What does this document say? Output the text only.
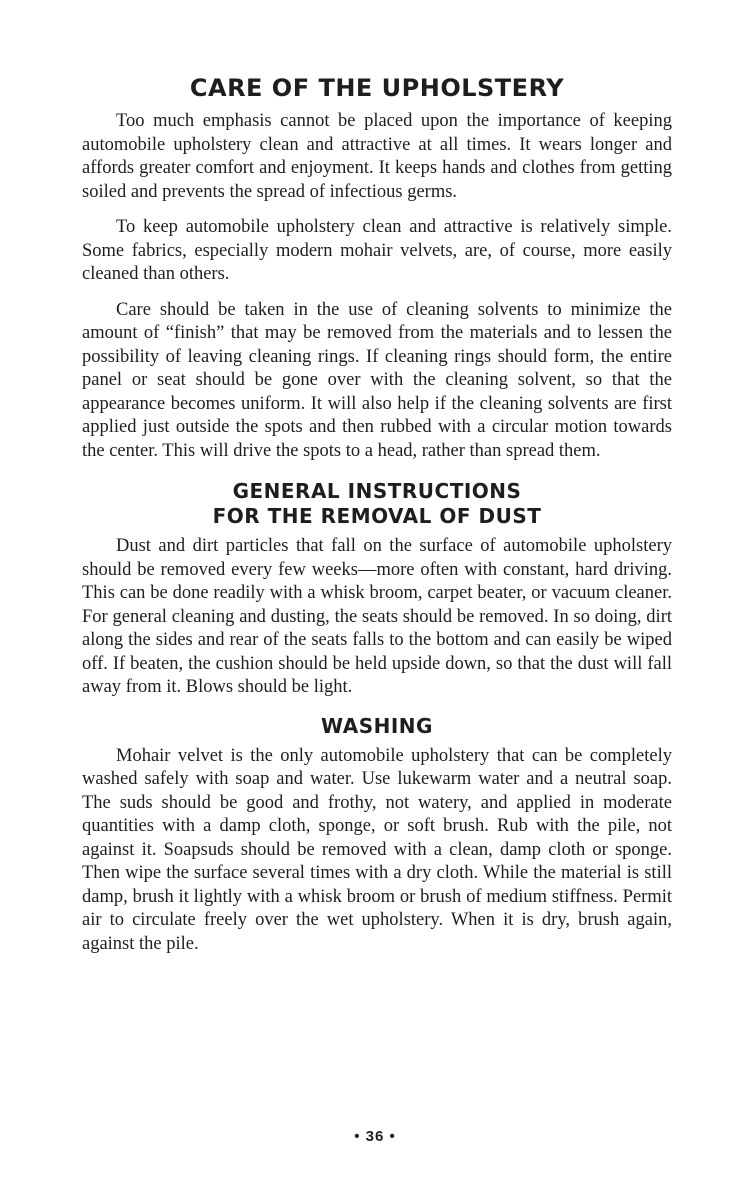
CARE OF THE UPHOLSTERY

Too much emphasis cannot be placed upon the importance of keeping automobile upholstery clean and attractive at all times. It wears longer and affords greater comfort and enjoyment. It keeps hands and clothes from getting soiled and prevents the spread of infectious germs.

To keep automobile upholstery clean and attractive is relatively simple. Some fabrics, especially modern mohair velvets, are, of course, more easily cleaned than others.

Care should be taken in the use of cleaning solvents to minimize the amount of “finish” that may be removed from the materials and to lessen the possibility of leaving cleaning rings. If cleaning rings should form, the entire panel or seat should be gone over with the cleaning solvent, so that the appearance becomes uniform. It will also help if the cleaning solvents are first applied just outside the spots and then rubbed with a circular motion towards the center. This will drive the spots to a head, rather than spread them.

GENERAL INSTRUCTIONS
FOR THE REMOVAL OF DUST

Dust and dirt particles that fall on the surface of automobile upholstery should be removed every few weeks—more often with constant, hard driving. This can be done readily with a whisk broom, carpet beater, or vacuum cleaner. For general cleaning and dusting, the seats should be removed. In so doing, dirt along the sides and rear of the seats falls to the bottom and can easily be wiped off. If beaten, the cushion should be held upside down, so that the dust will fall away from it. Blows should be light.

WASHING

Mohair velvet is the only automobile upholstery that can be completely washed safely with soap and water. Use lukewarm water and a neutral soap. The suds should be good and frothy, not watery, and applied in moderate quantities with a damp cloth, sponge, or soft brush. Rub with the pile, not against it. Soapsuds should be removed with a clean, damp cloth or sponge. Then wipe the surface several times with a dry cloth. While the material is still damp, brush it lightly with a whisk broom or brush of medium stiffness. Permit air to circulate freely over the wet upholstery. When it is dry, brush again, against the pile.

• 36 •
